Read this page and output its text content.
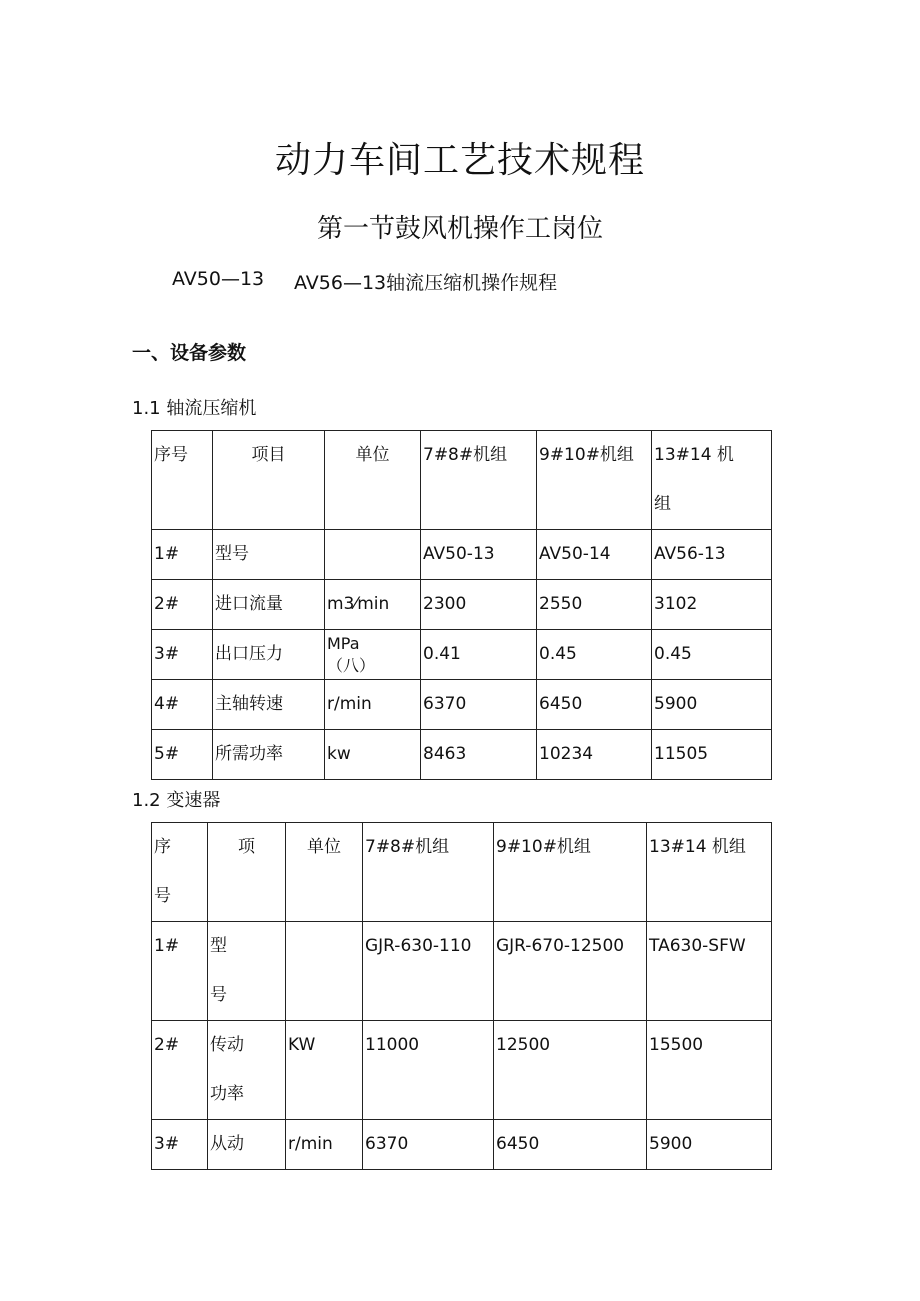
动力车间工艺技术规程
第一节鼓风机操作工岗位
AV50—13 AV56—13轴流压缩机操作规程
一、设备参数
1.1 轴流压缩机
序号	项目	单位	7#8#机组	9#10#机组	13#14 机
组

1#	型号		AV50-13	AV50-14	AV56-13
2#	进口流量	m3⁄min	2300	2550	3102
3#	出口压力	MPa
（八）	0.41	0.45	0.45
4#	主轴转速	r/min	6370	6450	5900
5#	所需功率	kw	8463	10234	11505
1.2 变速器
序
号	项	单位	7#8#机组	9#10#机组	13#14 机组
1#	型
号		GJR-630-110	GJR-670-12500	TA630-SFW
2#	传动
功率	KW	11000	12500	15500
3#	从动	r/min	6370	6450	5900
